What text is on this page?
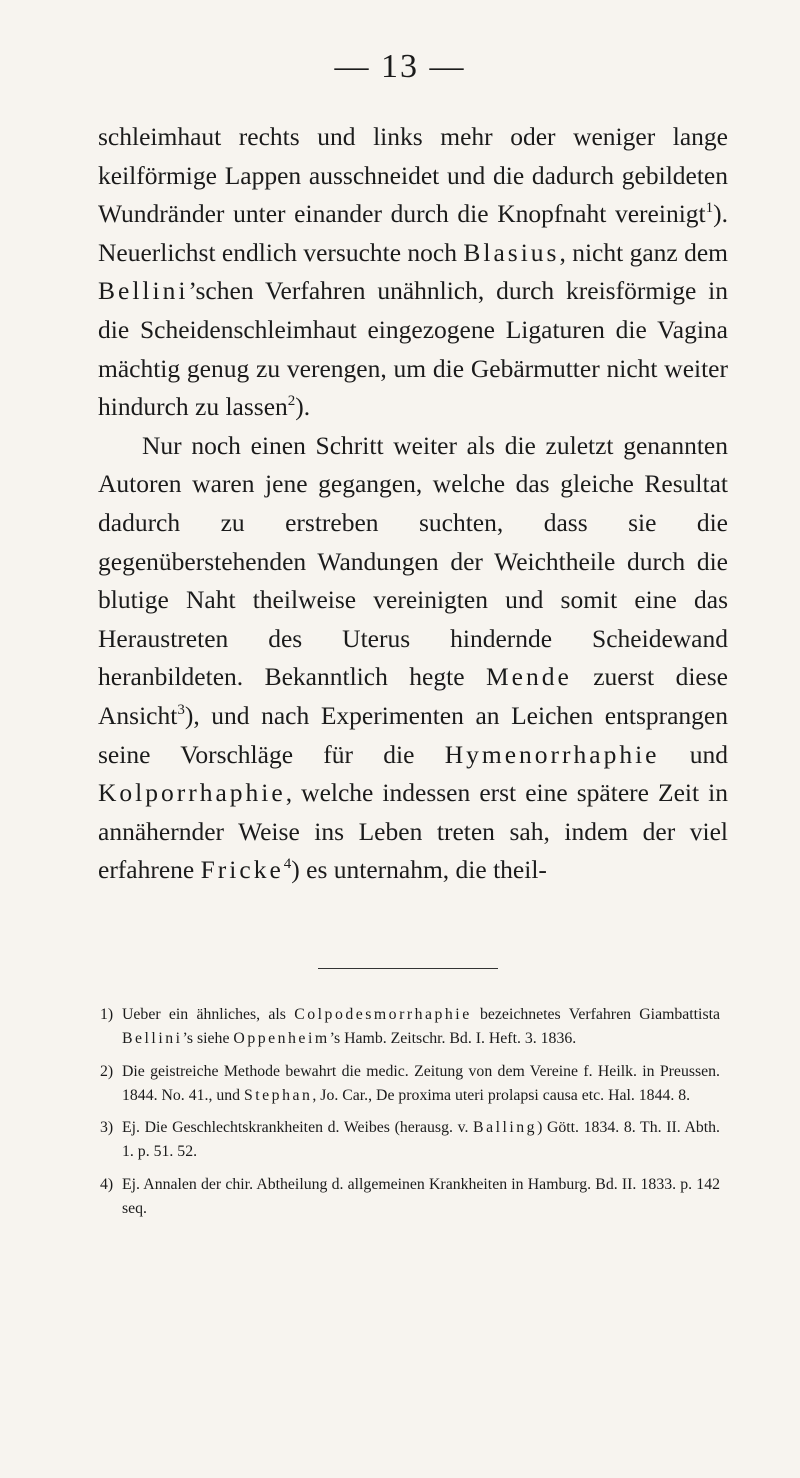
— 13 —

schleimhaut rechts und links mehr oder weniger lange keilförmige Lappen ausschneidet und die dadurch gebildeten Wundränder unter einander durch die Knopfnaht vereinigt$^1$). Neuerlichst endlich versuchte noch Blasius, nicht ganz dem Bellini’schen Verfahren unähnlich, durch kreisförmige in die Scheidenschleimhaut eingezogene Ligaturen die Vagina mächtig genug zu verengen, um die Gebärmutter nicht weiter hindurch zu lassen$^2$).

Nur noch einen Schritt weiter als die zuletzt genannten Autoren waren jene gegangen, welche das gleiche Resultat dadurch zu erstreben suchten, dass sie die gegenüberstehenden Wandungen der Weichtheile durch die blutige Naht theilweise vereinigten und somit eine das Heraustreten des Uterus hindernde Scheidewand heranbildeten. Bekanntlich hegte Mende zuerst diese Ansicht$^3$), und nach Experimenten an Leichen entsprangen seine Vorschläge für die Hymenorrhaphie und Kolporrhaphie, welche indessen erst eine spätere Zeit in annähernder Weise ins Leben treten sah, indem der viel erfahrene Fricke$^4$) es unternahm, die theil-

1) Ueber ein ähnliches, als Colpodesmorrhaphie bezeichnetes Verfahren Giambattista Bellini’s siehe Oppenheim’s Hamb. Zeitschr. Bd. I. Heft. 3. 1836.
2) Die geistreiche Methode bewahrt die medic. Zeitung von dem Vereine f. Heilk. in Preussen. 1844. No. 41., und Stephan, Jo. Car., De proxima uteri prolapsi causa etc. Hal. 1844. 8.
3) Ej. Die Geschlechtskrankheiten d. Weibes (herausg. v. Balling) Gött. 1834. 8. Th. II. Abth. 1. p. 51. 52.
4) Ej. Annalen der chir. Abtheilung d. allgemeinen Krankheiten in Hamburg. Bd. II. 1833. p. 142 seq.
